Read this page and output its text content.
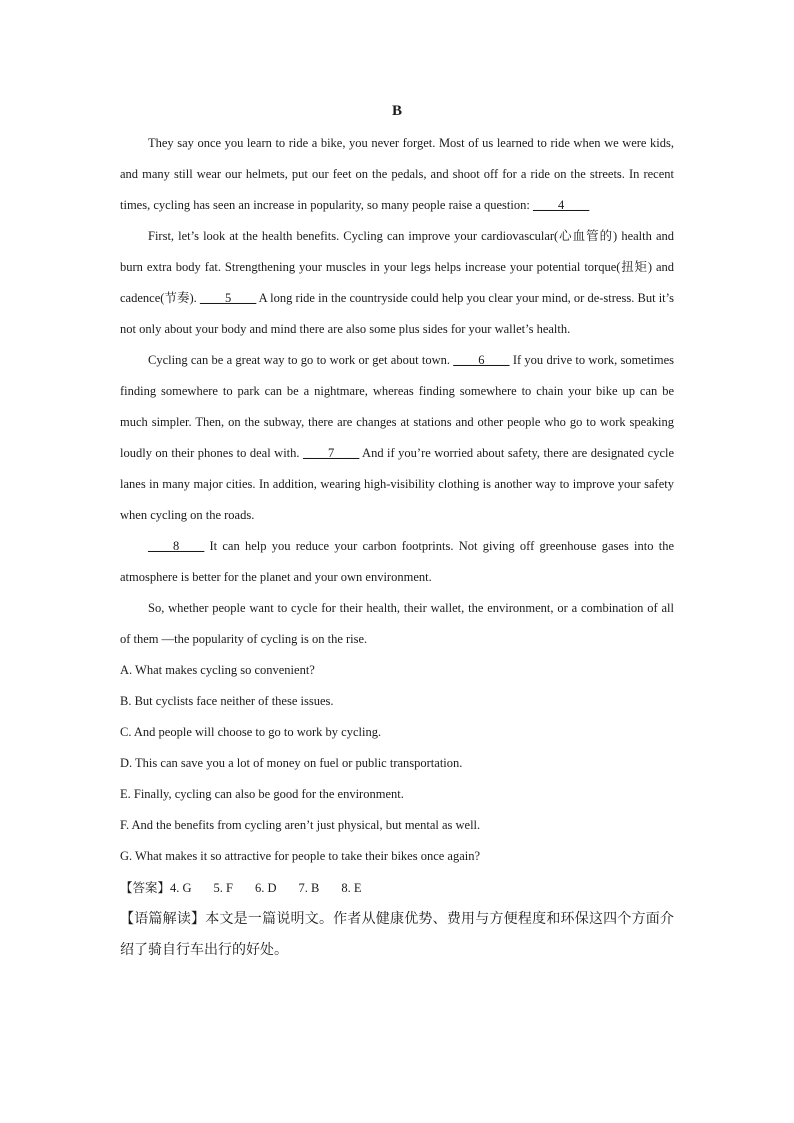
B

They say once you learn to ride a bike, you never forget. Most of us learned to ride when we were kids, and many still wear our helmets, put our feet on the pedals, and shoot off for a ride on the streets. In recent times, cycling has seen an increase in popularity, so many people raise a question: ____4____

First, let’s look at the health benefits. Cycling can improve your cardiovascular(心血管的) health and burn extra body fat. Strengthening your muscles in your legs helps increase your potential torque(扭矩) and cadence(节奏). ____5____ A long ride in the countryside could help you clear your mind, or de-stress. But it’s not only about your body and mind there are also some plus sides for your wallet’s health.

Cycling can be a great way to go to work or get about town. ____6____ If you drive to work, sometimes finding somewhere to park can be a nightmare, whereas finding somewhere to chain your bike up can be much simpler. Then, on the subway, there are changes at stations and other people who go to work speaking loudly on their phones to deal with. ____7____ And if you’re worried about safety, there are designated cycle lanes in many major cities. In addition, wearing high-visibility clothing is another way to improve your safety when cycling on the roads.

____8____ It can help you reduce your carbon footprints. Not giving off greenhouse gases into the atmosphere is better for the planet and your own environment.

So, whether people want to cycle for their health, their wallet, the environment, or a combination of all of them —the popularity of cycling is on the rise.

A. What makes cycling so convenient?

B. But cyclists face neither of these issues.

C. And people will choose to go to work by cycling.

D. This can save you a lot of money on fuel or public transportation.

E. Finally, cycling can also be good for the environment.

F. And the benefits from cycling aren’t just physical, but mental as well.

G. What makes it so attractive for people to take their bikes once again?

【答案】4. G 5. F 6. D 7. B 8. E

【语篇解读】本文是一篇说明文。作者从健康优势、费用与方便程度和环保这四个方面介绍了骑自行车出行的好处。
